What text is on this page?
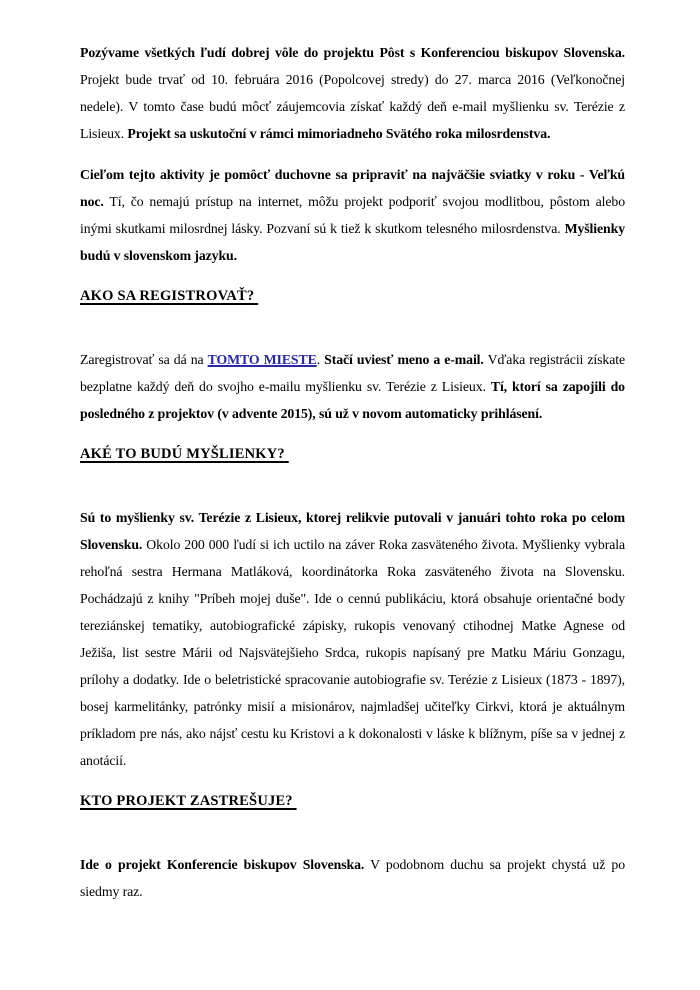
Pozývame všetkých ľudí dobrej vôle do projektu Pôst s Konferenciou biskupov Slovenska. Projekt bude trvať od 10. februára 2016 (Popolcovej stredy) do 27. marca 2016 (Veľkonočnej nedele). V tomto čase budú môcť záujemcovia získať každý deň e-mail myšlienku sv. Terézie z Lisieux. Projekt sa uskutoční v rámci mimoriadneho Svätého roka milosrdenstva.

Cieľom tejto aktivity je pomôcť duchovne sa pripraviť na najväčšie sviatky v roku - Veľkú noc. Tí, čo nemajú prístup na internet, môžu projekt podporiť svojou modlitbou, pôstom alebo inými skutkami milosrdnej lásky. Pozvaní sú k tiež k skutkom telesného milosrdenstva. Myšlienky budú v slovenskom jazyku.

AKO SA REGISTROVAŤ?

Zaregistrovať sa dá na TOMTO MIESTE. Stačí uviesť meno a e-mail. Vďaka registrácii získate bezplatne každý deň do svojho e-mailu myšlienku sv. Terézie z Lisieux. Tí, ktorí sa zapojili do posledného z projektov (v advente 2015), sú už v novom automaticky prihlásení.

AKÉ TO BUDÚ MYŠLIENKY?

Sú to myšlienky sv. Terézie z Lisieux, ktorej relikvie putovali v januári tohto roka po celom Slovensku. Okolo 200 000 ľudí si ich uctilo na záver Roka zasväteného života. Myšlienky vybrala rehoľná sestra Hermana Matláková, koordinátorka Roka zasväteného života na Slovensku. Pochádzajú z knihy "Príbeh mojej duše". Ide o cennú publikáciu, ktorá obsahuje orientačné body tereziánskej tematiky, autobiografické zápisky, rukopis venovaný ctihodnej Matke Agnese od Ježiša, list sestre Márii od Najsvätejšieho Srdca, rukopis napísaný pre Matku Máriu Gonzagu, prílohy a dodatky. Ide o beletristické spracovanie autobiografie sv. Terézie z Lisieux (1873 - 1897), bosej karmelitánky, patrónky misií a misionárov, najmladšej učiteľky Cirkvi, ktorá je aktuálnym príkladom pre nás, ako nájsť cestu ku Kristovi a k dokonalosti v láske k blížnym, píše sa v jednej z anotácií.

KTO PROJEKT ZASTREŠUJE?

Ide o projekt Konferencie biskupov Slovenska. V podobnom duchu sa projekt chystá už po siedmy raz.
